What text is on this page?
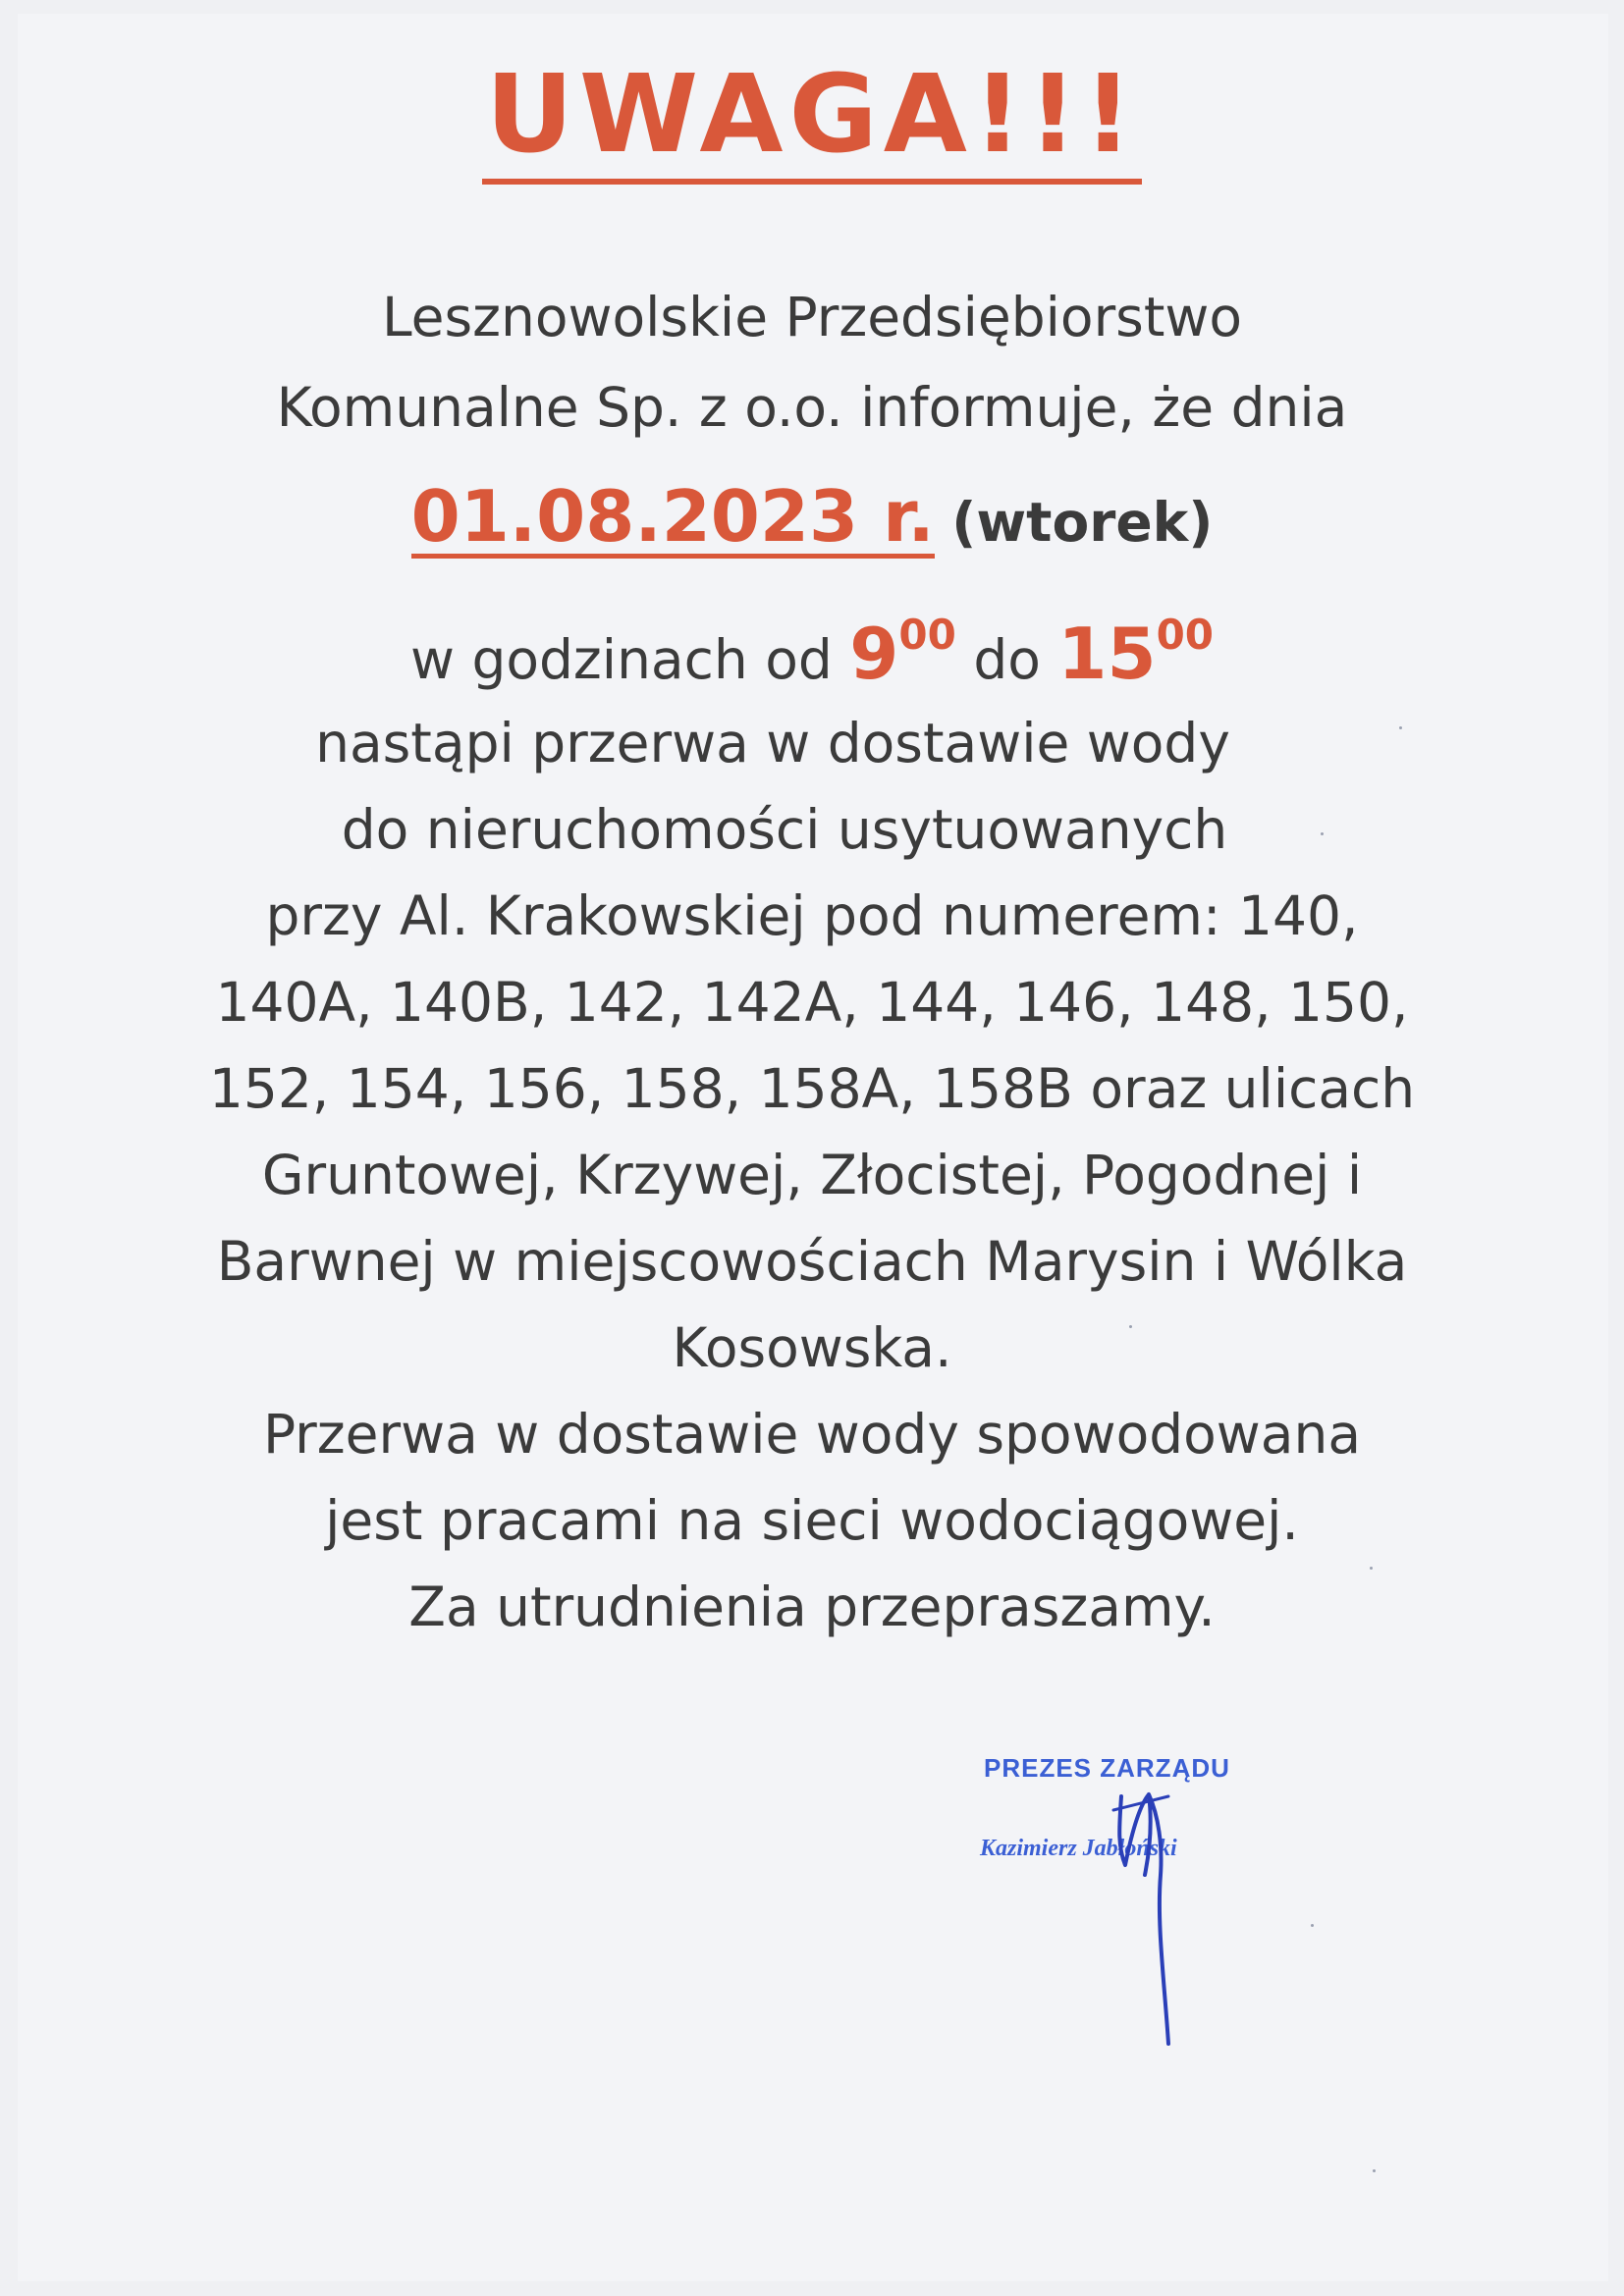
UWAGA!!!
Lesznowolskie Przedsiębiorstwo
Komunalne Sp. z o.o. informuje, że dnia
01.08.2023 r. (wtorek)
w godzinach od $9^{00}$ do $15^{00}$
nastąpi przerwa w dostawie wody
do nieruchomości usytuowanych
przy Al. Krakowskiej pod numerem: 140,
140A, 140B, 142, 142A, 144, 146, 148, 150,
152, 154, 156, 158, 158A, 158B oraz ulicach
Gruntowej, Krzywej, Złocistej, Pogodnej i
Barwnej w miejscowościach Marysin i Wólka
Kosowska.
Przerwa w dostawie wody spowodowana
jest pracami na sieci wodociągowej.
Za utrudnienia przepraszamy.
PREZES ZARZĄDU
Kazimierz Jabłoński
